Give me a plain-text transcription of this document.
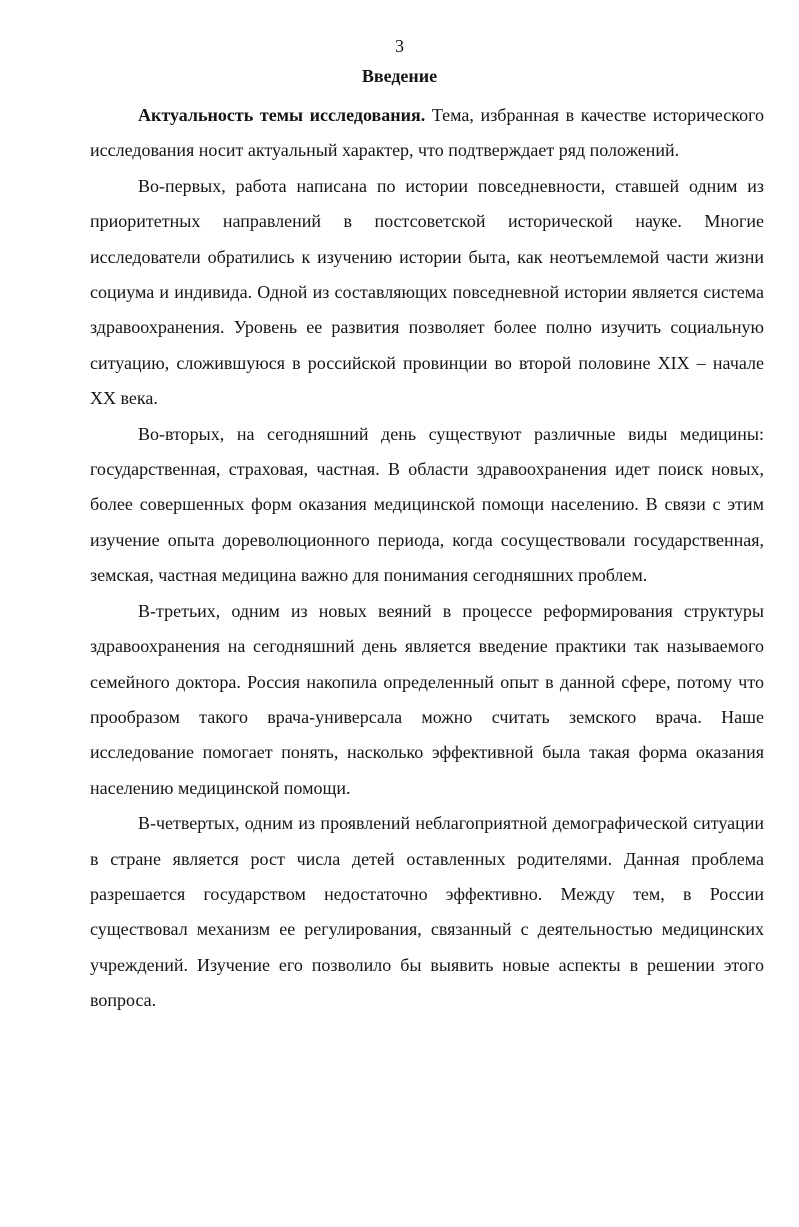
3
Введение

Актуальность темы исследования. Тема, избранная в качестве исторического исследования носит актуальный характер, что подтверждает ряд положений.

Во-первых, работа написана по истории повседневности, ставшей одним из приоритетных направлений в постсоветской исторической науке. Многие исследователи обратились к изучению истории быта, как неотъемлемой части жизни социума и индивида. Одной из составляющих повседневной истории является система здравоохранения. Уровень ее развития позволяет более полно изучить социальную ситуацию, сложившуюся в российской провинции во второй половине XIX – начале XX века.

Во-вторых, на сегодняшний день существуют различные виды медицины: государственная, страховая, частная. В области здравоохранения идет поиск новых, более совершенных форм оказания медицинской помощи населению. В связи с этим изучение опыта дореволюционного периода, когда сосуществовали государственная, земская, частная медицина важно для понимания сегодняшних проблем.

В-третьих, одним из новых веяний в процессе реформирования структуры здравоохранения на сегодняшний день является введение практики так называемого семейного доктора. Россия накопила определенный опыт в данной сфере, потому что прообразом такого врача-универсала можно считать земского врача. Наше исследование помогает понять, насколько эффективной была такая форма оказания населению медицинской помощи.

В-четвертых, одним из проявлений неблагоприятной демографической ситуации в стране является рост числа детей оставленных родителями. Данная проблема разрешается государством недостаточно эффективно. Между тем, в России существовал механизм ее регулирования, связанный с деятельностью медицинских учреждений. Изучение его позволило бы выявить новые аспекты в решении этого вопроса.
